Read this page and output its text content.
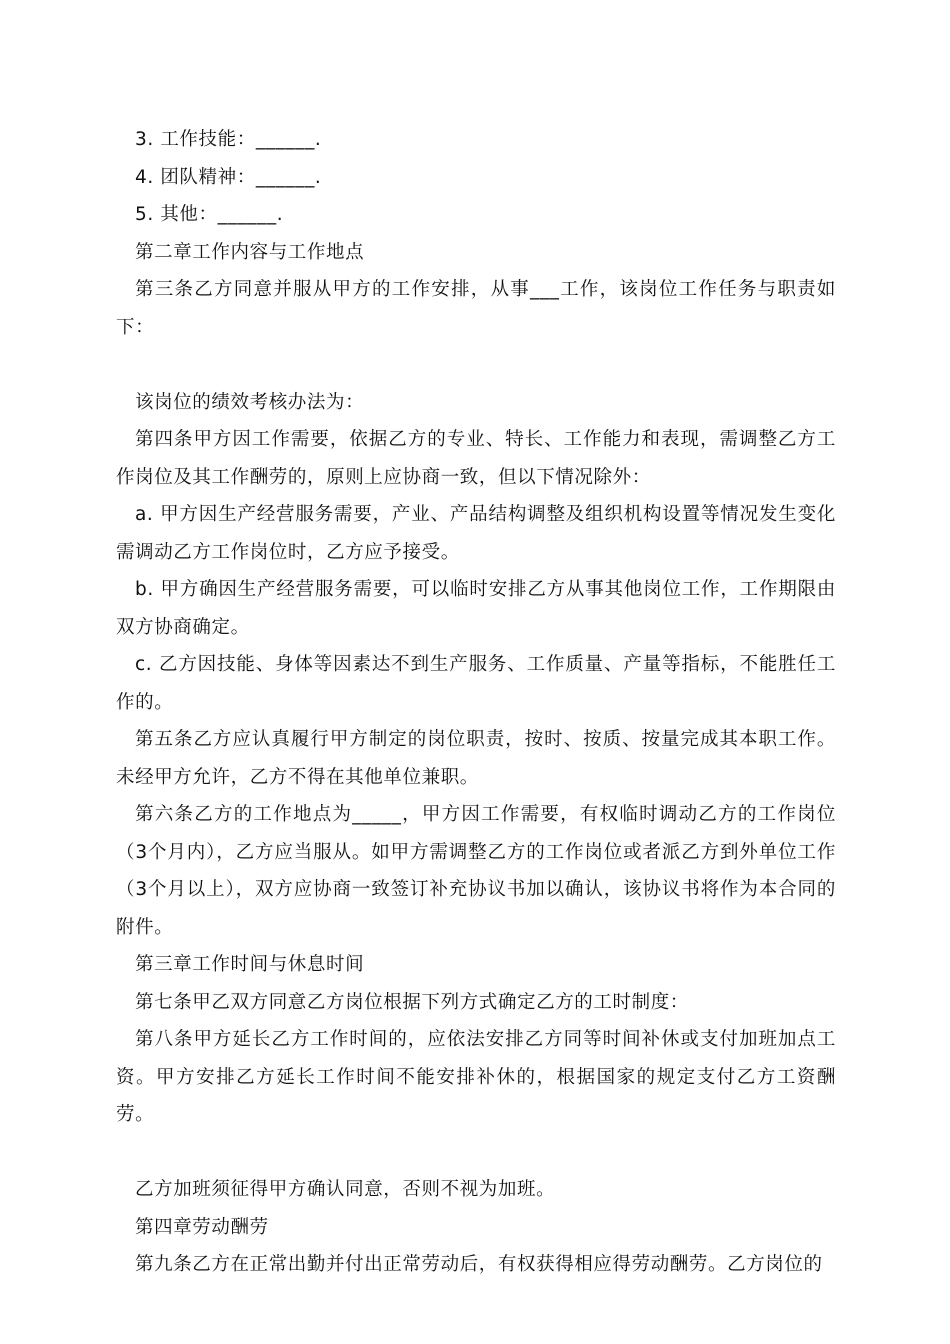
3. 工作技能：______.

4. 团队精神：______.

5. 其他：______.

第二章工作内容与工作地点

第三条乙方同意并服从甲方的工作安排，从事___工作，该岗位工作任务与职责如下：

该岗位的绩效考核办法为：

第四条甲方因工作需要，依据乙方的专业、特长、工作能力和表现，需调整乙方工作岗位及其工作酬劳的，原则上应协商一致，但以下情况除外：

a. 甲方因生产经营服务需要，产业、产品结构调整及组织机构设置等情况发生变化需调动乙方工作岗位时，乙方应予接受。

b. 甲方确因生产经营服务需要，可以临时安排乙方从事其他岗位工作，工作期限由双方协商确定。

c. 乙方因技能、身体等因素达不到生产服务、工作质量、产量等指标，不能胜任工作的。

第五条乙方应认真履行甲方制定的岗位职责，按时、按质、按量完成其本职工作。未经甲方允许，乙方不得在其他单位兼职。

第六条乙方的工作地点为_____，甲方因工作需要，有权临时调动乙方的工作岗位（3个月内），乙方应当服从。如甲方需调整乙方的工作岗位或者派乙方到外单位工作（3个月以上），双方应协商一致签订补充协议书加以确认，该协议书将作为本合同的附件。

第三章工作时间与休息时间

第七条甲乙双方同意乙方岗位根据下列方式确定乙方的工时制度：

第八条甲方延长乙方工作时间的，应依法安排乙方同等时间补休或支付加班加点工资。甲方安排乙方延长工作时间不能安排补休的，根据国家的规定支付乙方工资酬劳。

乙方加班须征得甲方确认同意，否则不视为加班。

第四章劳动酬劳

第九条乙方在正常出勤并付出正常劳动后，有权获得相应得劳动酬劳。乙方岗位的
